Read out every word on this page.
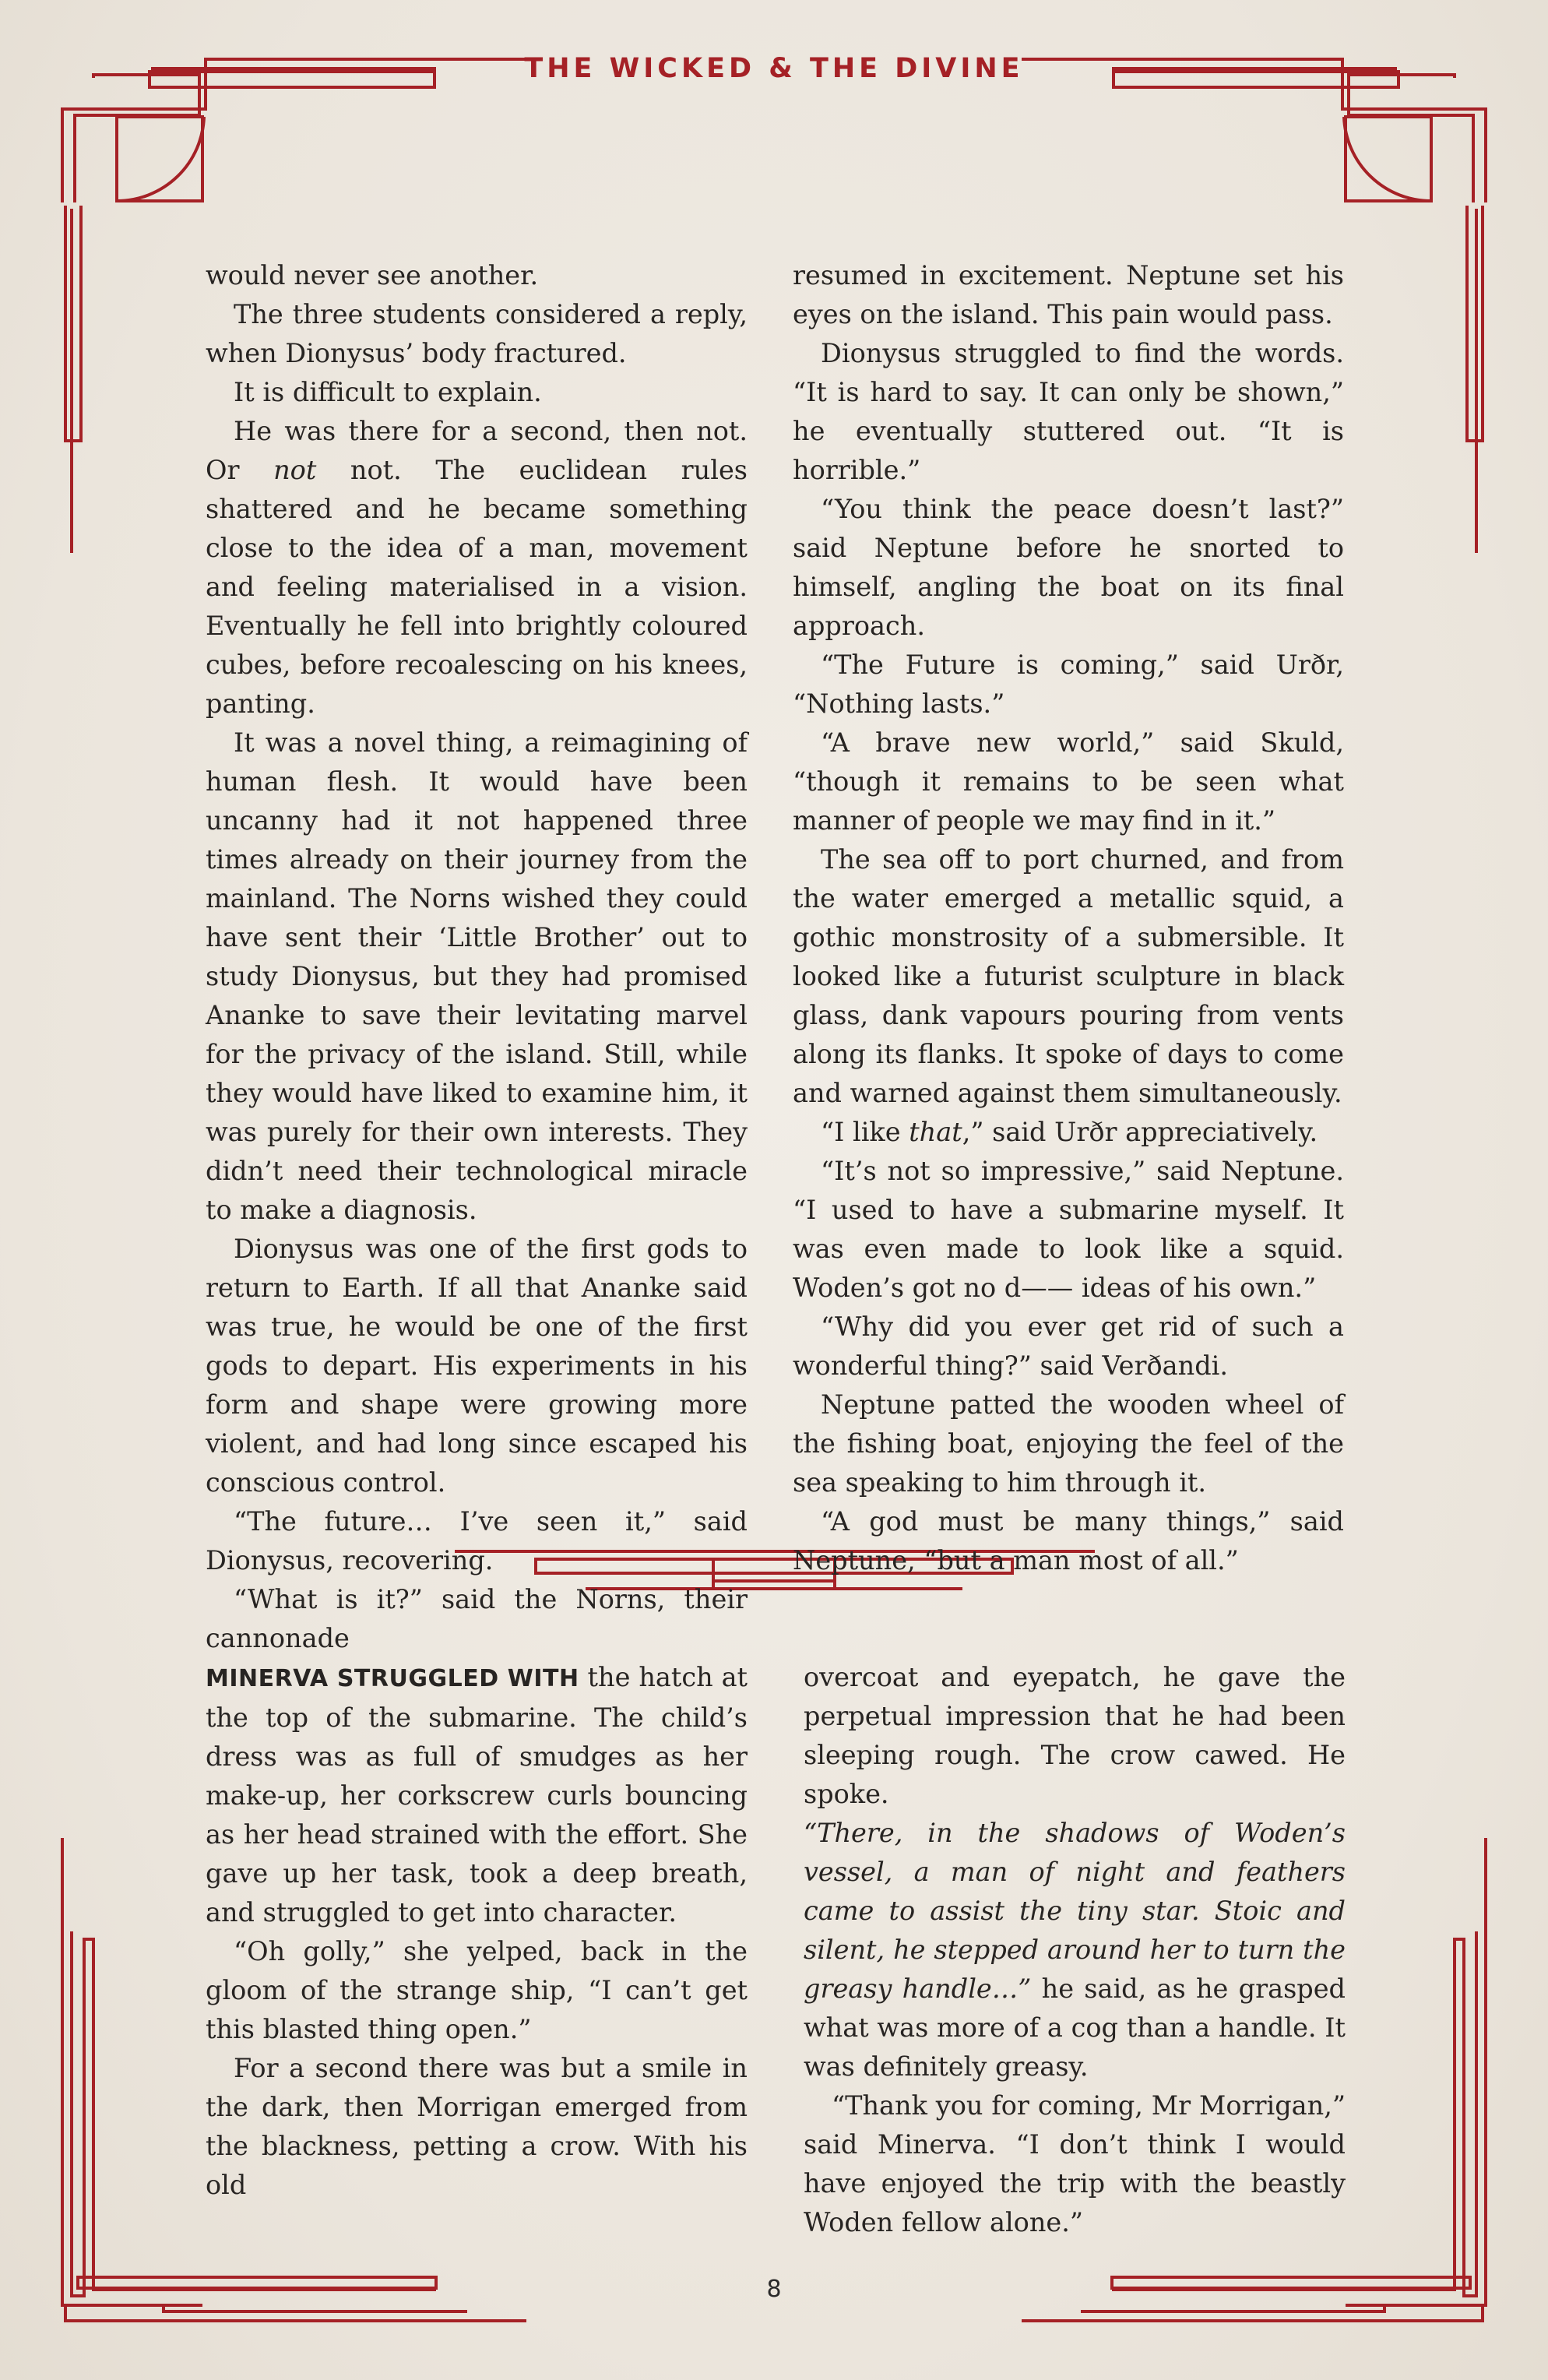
THE WICKED & THE DIVINE

would never see another.

The three students considered a reply, when Dionysus’ body fractured.

It is difficult to explain.

He was there for a second, then not. Or not not. The euclidean rules shattered and he became something close to the idea of a man, movement and feeling materialised in a vision. Eventually he fell into brightly coloured cubes, before recoalescing on his knees, panting.

It was a novel thing, a reimagining of human flesh. It would have been uncanny had it not happened three times already on their journey from the mainland. The Norns wished they could have sent their ‘Little Brother’ out to study Dionysus, but they had promised Ananke to save their levitating marvel for the privacy of the island. Still, while they would have liked to examine him, it was purely for their own interests. They didn’t need their technological miracle to make a diagnosis.

Dionysus was one of the first gods to return to Earth. If all that Ananke said was true, he would be one of the first gods to depart. His experiments in his form and shape were growing more violent, and had long since escaped his conscious control.

“The future… I’ve seen it,” said Dionysus, recovering.

“What is it?” said the Norns, their cannonade

resumed in excitement. Neptune set his eyes on the island. This pain would pass.

Dionysus struggled to find the words. “It is hard to say. It can only be shown,” he eventually stuttered out. “It is horrible.”

“You think the peace doesn’t last?” said Neptune before he snorted to himself, angling the boat on its final approach.

“The Future is coming,” said Urðr, “Nothing lasts.”

“A brave new world,” said Skuld, “though it remains to be seen what manner of people we may find in it.”

The sea off to port churned, and from the water emerged a metallic squid, a gothic monstrosity of a submersible. It looked like a futurist sculpture in black glass, dank vapours pouring from vents along its flanks. It spoke of days to come and warned against them simultaneously.

“I like that,” said Urðr appreciatively.

“It’s not so impressive,” said Neptune. “I used to have a submarine myself. It was even made to look like a squid. Woden’s got no d—— ideas of his own.”

“Why did you ever get rid of such a wonderful thing?” said Verðandi.

Neptune patted the wooden wheel of the fishing boat, enjoying the feel of the sea speaking to him through it.

“A god must be many things,” said Neptune, “but a man most of all.”

MINERVA STRUGGLED WITH the hatch at the top of the submarine. The child’s dress was as full of smudges as her make-up, her corkscrew curls bouncing as her head strained with the effort. She gave up her task, took a deep breath, and struggled to get into character.

“Oh golly,” she yelped, back in the gloom of the strange ship, “I can’t get this blasted thing open.”

For a second there was but a smile in the dark, then Morrigan emerged from the blackness, petting a crow. With his old

overcoat and eyepatch, he gave the perpetual impression that he had been sleeping rough. The crow cawed. He spoke.

“There, in the shadows of Woden’s vessel, a man of night and feathers came to assist the tiny star. Stoic and silent, he stepped around her to turn the greasy handle…” he said, as he grasped what was more of a cog than a handle. It was definitely greasy.

“Thank you for coming, Mr Morrigan,” said Minerva. “I don’t think I would have enjoyed the trip with the beastly Woden fellow alone.”

8
